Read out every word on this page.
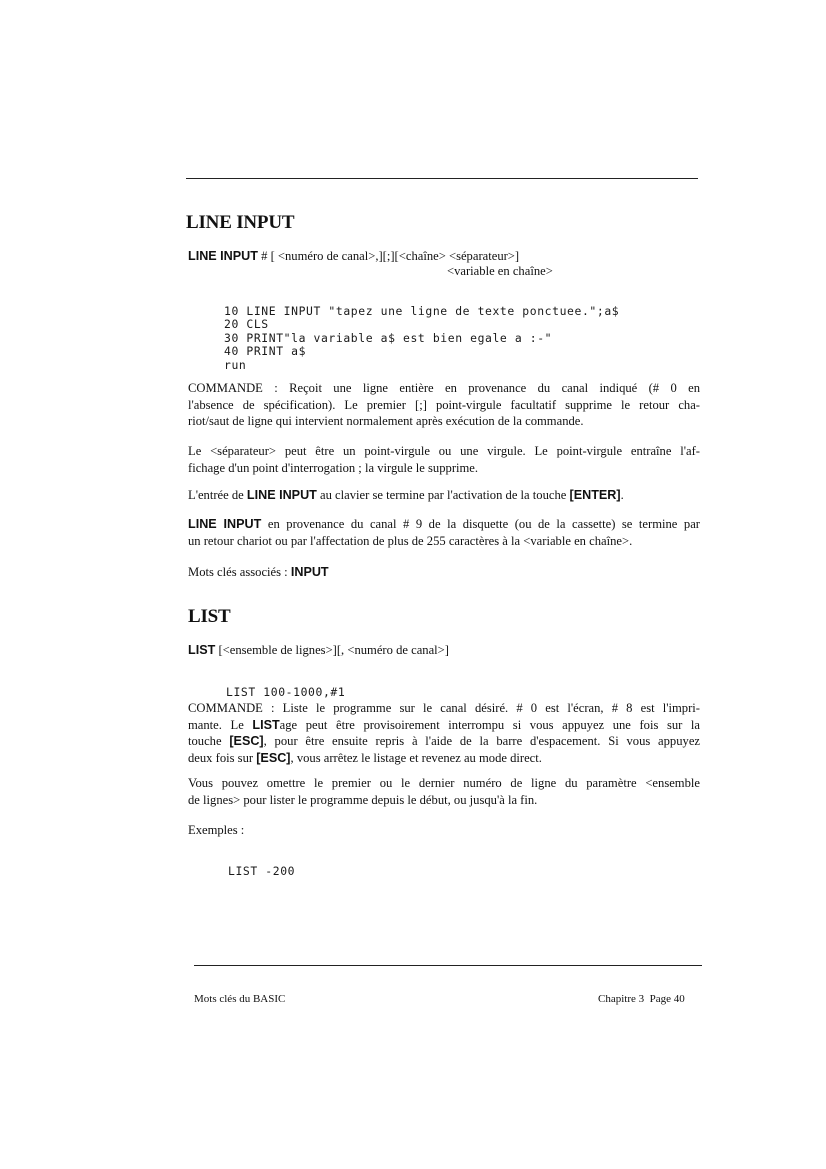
LINE INPUT
LINE INPUT # [ <numéro de canal>,][;][<chaîne> <séparateur>]
<variable en chaîne>

10 LINE INPUT "tapez une ligne de texte ponctuee.";a$
20 CLS
30 PRINT"la variable a$ est bien egale a :-"
40 PRINT a$
run

COMMANDE : Reçoit une ligne entière en provenance du canal indiqué (# 0 en
l'absence de spécification). Le premier [;] point-virgule facultatif supprime le retour cha-
riot/saut de ligne qui intervient normalement après exécution de la commande.
Le <séparateur> peut être un point-virgule ou une virgule. Le point-virgule entraîne l'af-
fichage d'un point d'interrogation ; la virgule le supprime.
L'entrée de LINE INPUT au clavier se termine par l'activation de la touche [ENTER].
LINE INPUT en provenance du canal # 9 de la disquette (ou de la cassette) se termine par
un retour chariot ou par l'affectation de plus de 255 caractères à la <variable en chaîne>.
Mots clés associés : INPUT
LIST
LIST [<ensemble de lignes>][, <numéro de canal>]

LIST 100-1000,#1

COMMANDE : Liste le programme sur le canal désiré. # 0 est l'écran, # 8 est l'impri-
mante. Le LISTage peut être provisoirement interrompu si vous appuyez une fois sur la
touche [ESC], pour être ensuite repris à l'aide de la barre d'espacement. Si vous appuyez
deux fois sur [ESC], vous arrêtez le listage et revenez au mode direct.
Vous pouvez omettre le premier ou le dernier numéro de ligne du paramètre <ensemble
de lignes> pour lister le programme depuis le début, ou jusqu'à la fin.
Exemples :

LIST -200

Mots clés du BASIC	Chapitre 3  Page 40
